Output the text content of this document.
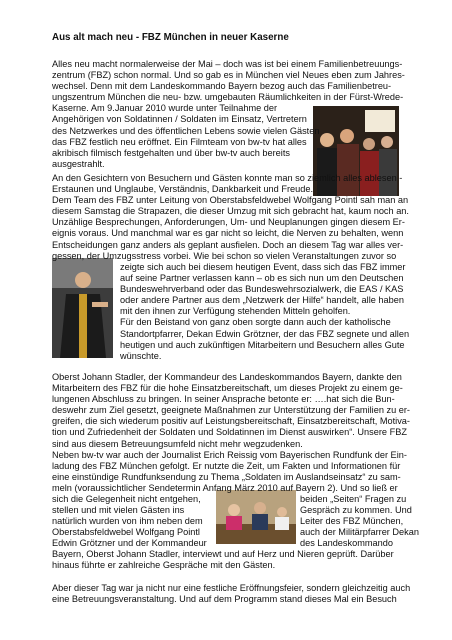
Aus alt mach neu - FBZ München in neuer Kaserne
Alles neu macht normalerweise der Mai – doch was ist bei einem Familienbetreuungs-
zentrum (FBZ) schon normal. Und so gab es in München viel Neues eben zum Jahres-
wechsel. Denn mit dem Landeskommando Bayern bezog auch das Familienbetreu-
ungszentrum München die neu- bzw. umgebauten Räumlichkeiten in der Fürst-Wrede-
Kaserne. Am 9.Januar 2010 wurde unter Teilnahme der
Angehörigen von Soldatinnen / Soldaten im Einsatz, Vertretern
des Netzwerkes und des öffentlichen Lebens sowie vielen Gästen
das FBZ festlich neu eröffnet. Ein Filmteam von bw-tv hat alles
akribisch filmisch festgehalten und über bw-tv auch bereits
ausgestrahlt.
An den Gesichtern von Besuchern und Gästen konnte man so ziemlich alles ablesen -
Erstaunen und Unglaube, Verständnis, Dankbarkeit und Freude.
Dem Team des FBZ unter Leitung von Oberstabsfeldwebel Wolfgang Pointl sah man an
diesem Samstag die Strapazen, die dieser Umzug mit sich gebracht hat, kaum noch an.
Unzählige Besprechungen, Anforderungen, Um- und Neuplanungen gingen diesem Er-
eignis voraus. Und manchmal war es gar nicht so leicht, die Nerven zu behalten, wenn
Entscheidungen ganz anders als geplant ausfielen. Doch an diesem Tag war alles ver-
gessen, der Umzugsstress vorbei. Wie bei schon so vielen Veranstaltungen zuvor so
zeigte sich auch bei diesem heutigen Event, dass sich das FBZ immer
auf seine Partner verlassen kann – ob es sich nun um den Deutschen
Bundeswehrverband oder das Bundeswehrsozialwerk, die EAS / KAS
oder andere Partner aus dem „Netzwerk der Hilfe“ handelt, alle haben
mit den ihnen zur Verfügung stehenden Mitteln geholfen.
Für den Beistand von ganz oben sorgte dann auch der katholische
Standortpfarrer, Dekan Edwin Grötzner, der das FBZ segnete und allen
heutigen und auch zukünftigen Mitarbeitern und Besuchern alles Gute
wünschte.
Oberst Johann Stadler, der Kommandeur des Landeskommandos Bayern, dankte den
Mitarbeitern des FBZ für die hohe Einsatzbereitschaft, um dieses Projekt zu einem ge-
lungenen Abschluss zu bringen. In seiner Ansprache betonte er: ….hat sich die Bun-
deswehr zum Ziel gesetzt, geeignete Maßnahmen zur Unterstützung der Familien zu er-
greifen, die sich wiederum positiv auf Leistungsbereitschaft, Einsatzbereitschaft, Motiva-
tion und Zufriedenheit der Soldaten und Soldatinnen im Dienst auswirken“. Unsere FBZ
sind aus diesem Betreuungsumfeld nicht mehr wegzudenken.
Neben bw-tv war auch der Journalist Erich Reissig vom Bayerischen Rundfunk der Ein-
ladung des FBZ München gefolgt. Er nutzte die Zeit, um Fakten und Informationen für
eine einstündige Rundfunksendung zu Thema „Soldaten im Auslandseinsatz“ zu sam-
meln (voraussichtlicher Sendetermin Anfang März 2010 auf Bayern 2). Und so ließ er
sich die Gelegenheit nicht entgehen,	beiden „Seiten“ Fragen zu
stellen und mit vielen Gästen ins	Gespräch zu kommen. Und
natürlich wurden von ihm neben dem	Leiter des FBZ München,
Oberstabsfeldwebel Wolfgang Pointl	auch der Militärpfarrer Dekan
Edwin Grötzner und der Kommandeur	des Landeskommando
Bayern, Oberst Johann Stadler, interviewt und auf Herz und Nieren geprüft. Darüber
hinaus führte er zahlreiche Gespräche mit den Gästen.
Aber dieser Tag war ja nicht nur eine festliche Eröffnungsfeier, sondern gleichzeitig auch
eine Betreuungsveranstaltung. Und auf dem Programm stand dieses Mal ein Besuch
